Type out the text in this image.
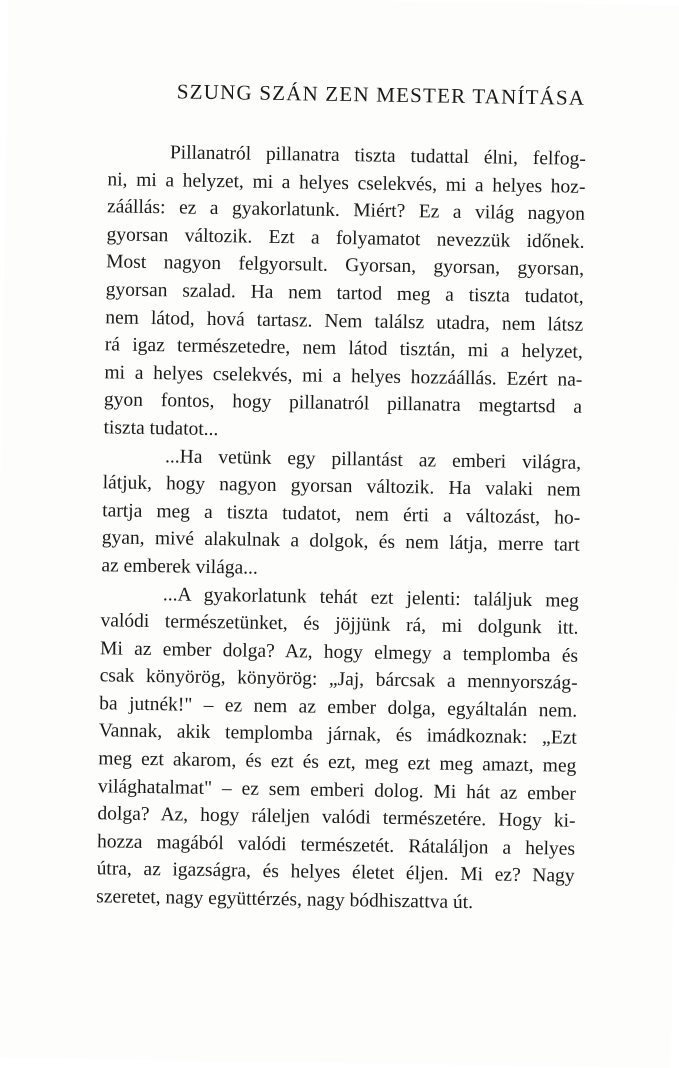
SZUNG SZÁN ZEN MESTER TANÍTÁSA
Pillanatról pillanatra tiszta tudattal élni, felfog-
ni, mi a helyzet, mi a helyes cselekvés, mi a helyes hoz-
záállás: ez a gyakorlatunk. Miért? Ez a világ nagyon
gyorsan változik. Ezt a folyamatot nevezzük időnek.
Most nagyon felgyorsult. Gyorsan, gyorsan, gyorsan,
gyorsan szalad. Ha nem tartod meg a tiszta tudatot,
nem látod, hová tartasz. Nem találsz utadra, nem látsz
rá igaz természetedre, nem látod tisztán, mi a helyzet,
mi a helyes cselekvés, mi a helyes hozzáállás. Ezért na-
gyon fontos, hogy pillanatról pillanatra megtartsd a
tiszta tudatot...
...Ha vetünk egy pillantást az emberi világra,
látjuk, hogy nagyon gyorsan változik. Ha valaki nem
tartja meg a tiszta tudatot, nem érti a változást, ho-
gyan, mivé alakulnak a dolgok, és nem látja, merre tart
az emberek világa...
...A gyakorlatunk tehát ezt jelenti: találjuk meg
valódi természetünket, és jöjjünk rá, mi dolgunk itt.
Mi az ember dolga? Az, hogy elmegy a templomba és
csak könyörög, könyörög: „Jaj, bárcsak a mennyország-
ba jutnék!" – ez nem az ember dolga, egyáltalán nem.
Vannak, akik templomba járnak, és imádkoznak: „Ezt
meg ezt akarom, és ezt és ezt, meg ezt meg amazt, meg
világhatalmat" – ez sem emberi dolog. Mi hát az ember
dolga? Az, hogy ráleljen valódi természetére. Hogy ki-
hozza magából valódi természetét. Rátaláljon a helyes
útra, az igazságra, és helyes életet éljen. Mi ez? Nagy
szeretet, nagy együttérzés, nagy bódhiszattva út.
